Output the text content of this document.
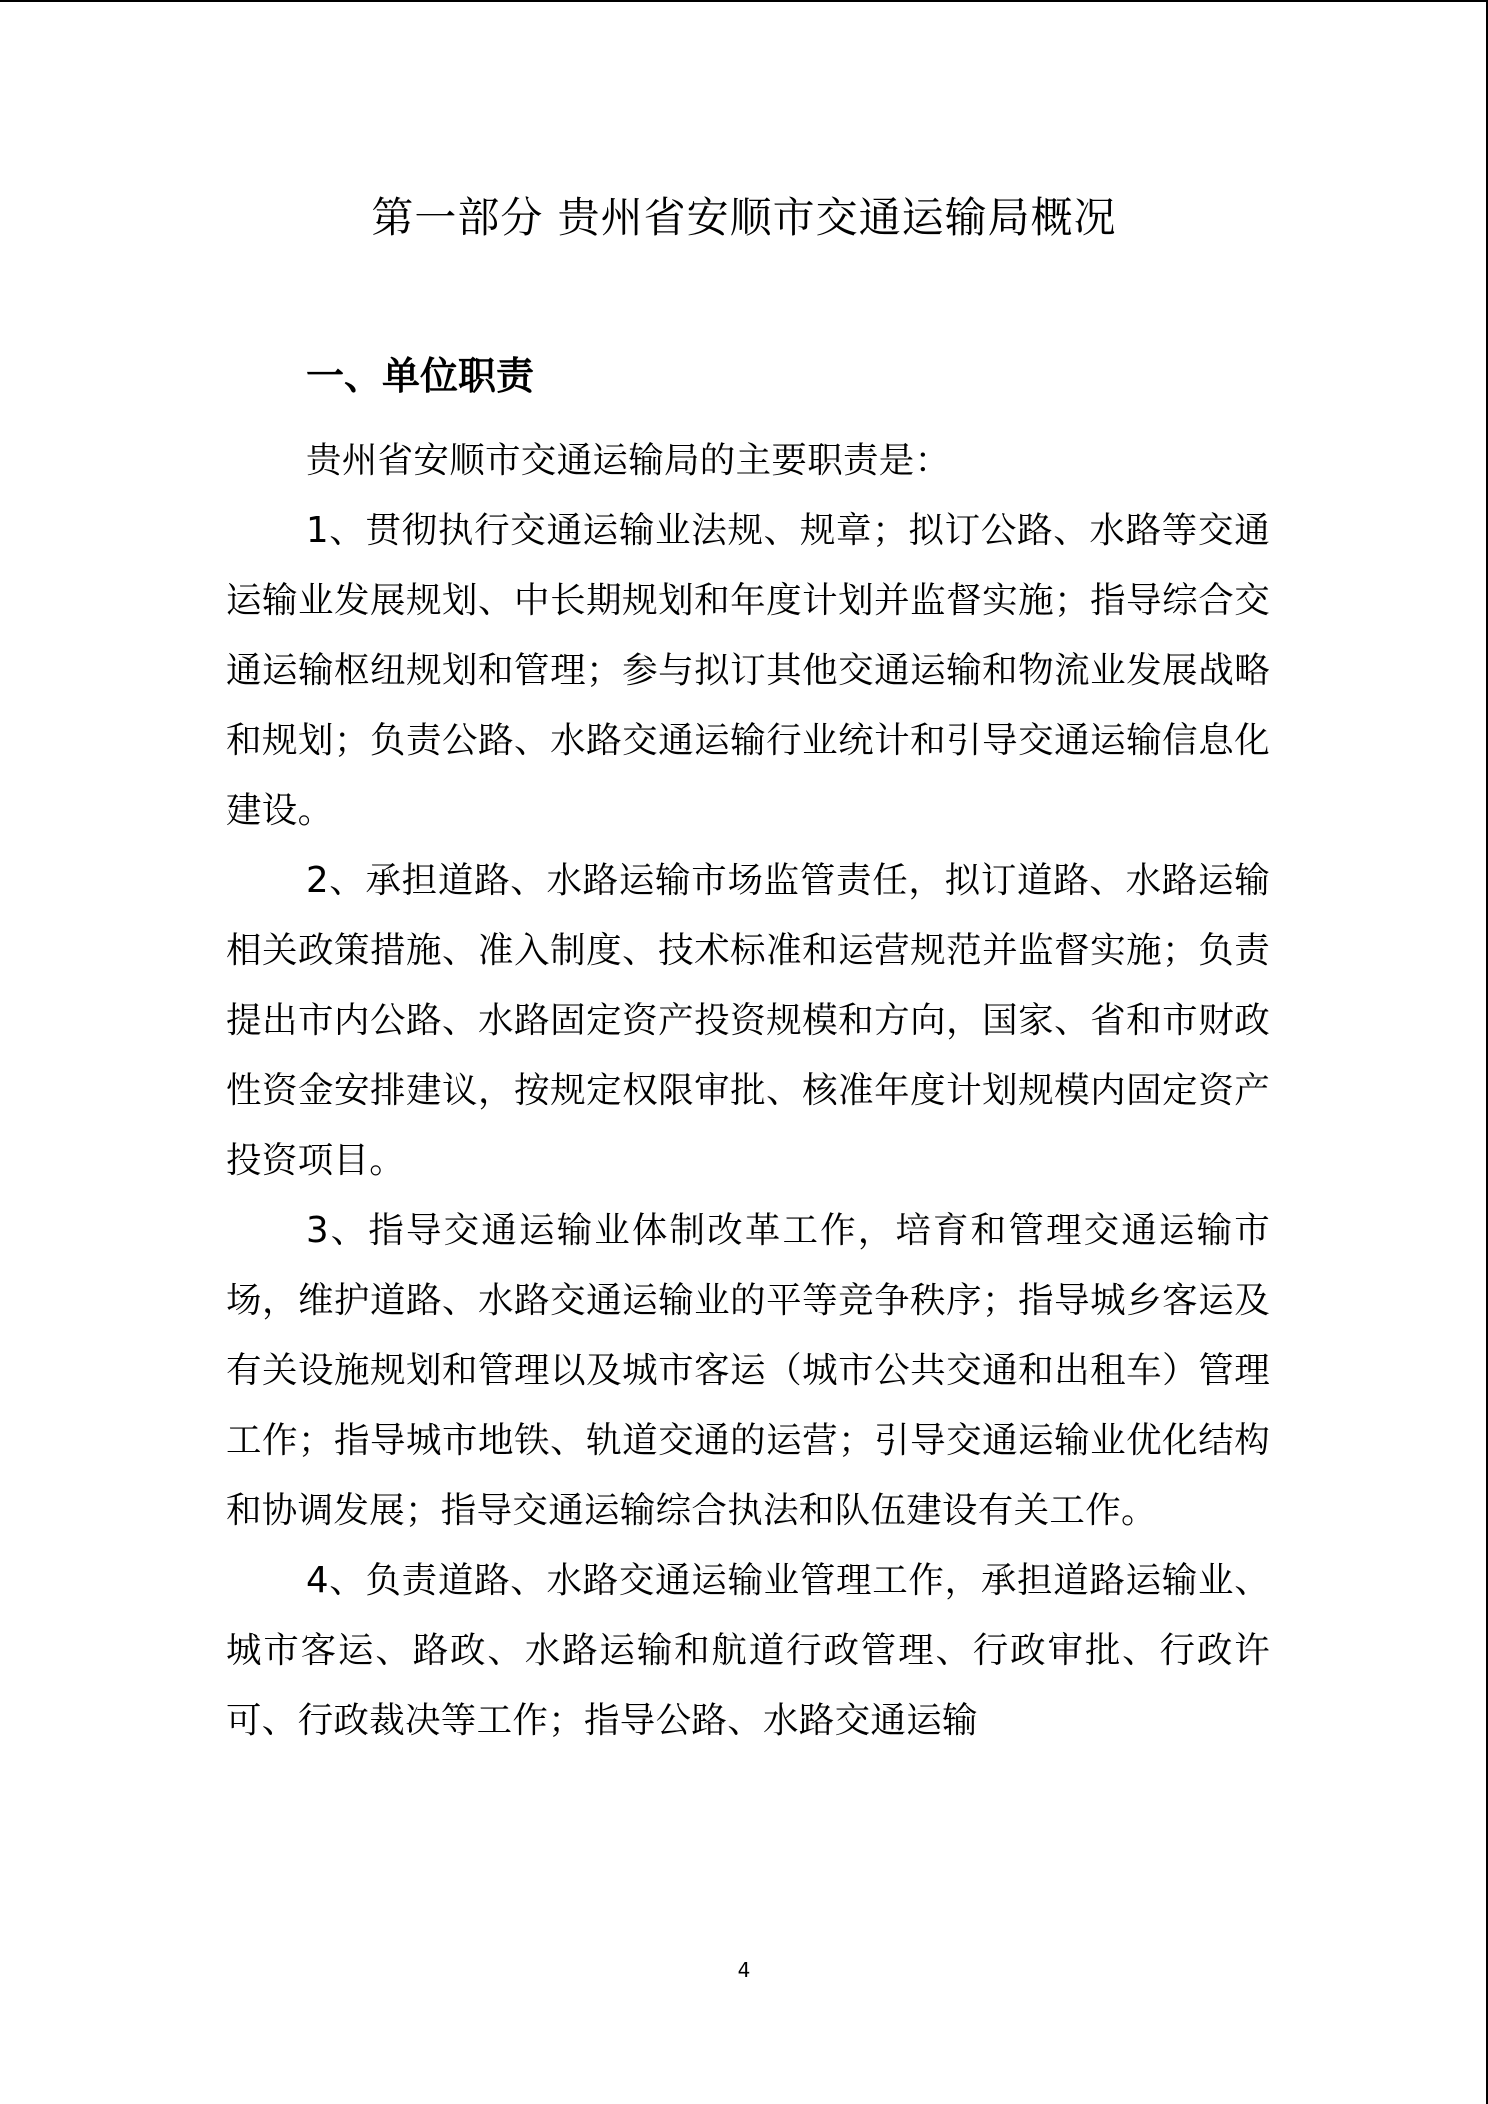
第一部分 贵州省安顺市交通运输局概况
一、单位职责

贵州省安顺市交通运输局的主要职责是：

1、贯彻执行交通运输业法规、规章；拟订公路、水路等交通运输业发展规划、中长期规划和年度计划并监督实施；指导综合交通运输枢纽规划和管理；参与拟订其他交通运输和物流业发展战略和规划；负责公路、水路交通运输行业统计和引导交通运输信息化建设。

2、承担道路、水路运输市场监管责任，拟订道路、水路运输相关政策措施、准入制度、技术标准和运营规范并监督实施；负责提出市内公路、水路固定资产投资规模和方向，国家、省和市财政性资金安排建议，按规定权限审批、核准年度计划规模内固定资产投资项目。

3、指导交通运输业体制改革工作，培育和管理交通运输市场，维护道路、水路交通运输业的平等竞争秩序；指导城乡客运及有关设施规划和管理以及城市客运（城市公共交通和出租车）管理工作；指导城市地铁、轨道交通的运营；引导交通运输业优化结构和协调发展；指导交通运输综合执法和队伍建设有关工作。

4、负责道路、水路交通运输业管理工作，承担道路运输业、城市客运、路政、水路运输和航道行政管理、行政审批、行政许可、行政裁决等工作；指导公路、水路交通运输

4
